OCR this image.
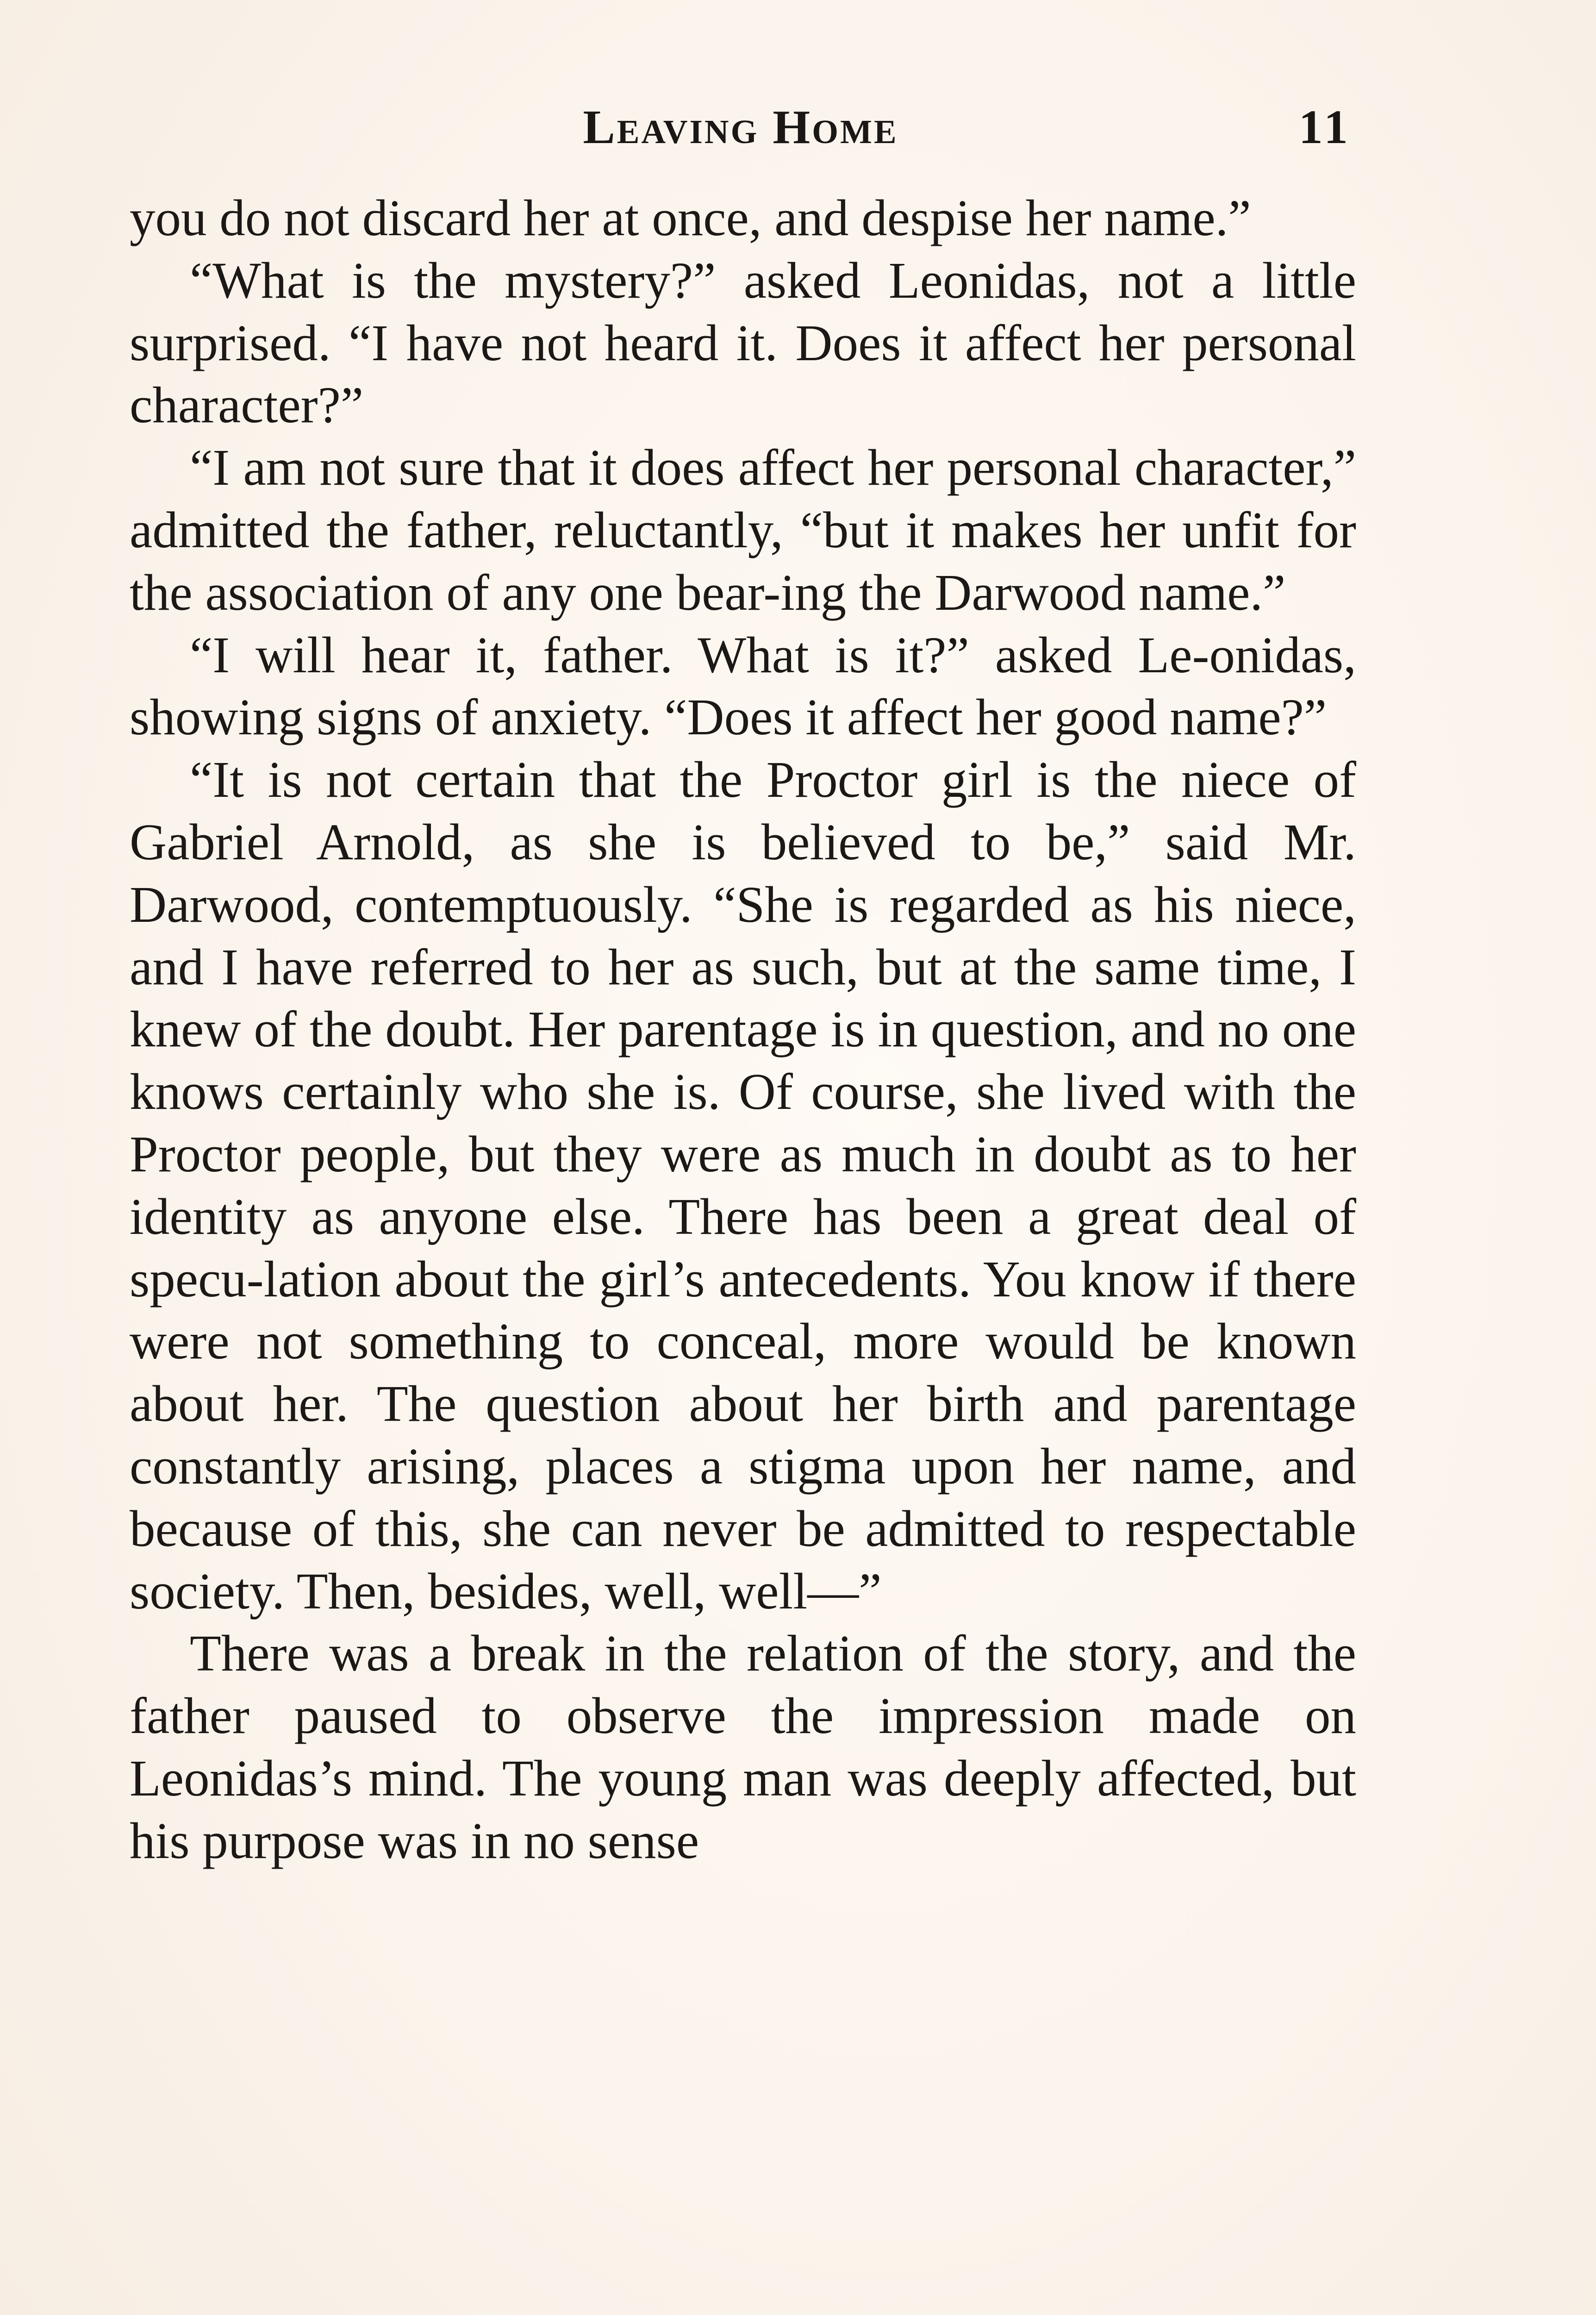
Leaving Home	11

you do not discard her at once, and despise her name.”

“What is the mystery?” asked Leonidas, not a little surprised. “I have not heard it. Does it affect her personal character?”

“I am not sure that it does affect her personal character,” admitted the father, reluctantly, “but it makes her unfit for the association of any one bear-ing the Darwood name.”

“I will hear it, father. What is it?” asked Le-onidas, showing signs of anxiety. “Does it affect her good name?”

“It is not certain that the Proctor girl is the niece of Gabriel Arnold, as she is believed to be,” said Mr. Darwood, contemptuously. “She is regarded as his niece, and I have referred to her as such, but at the same time, I knew of the doubt. Her parentage is in question, and no one knows certainly who she is. Of course, she lived with the Proctor people, but they were as much in doubt as to her identity as anyone else. There has been a great deal of specu-lation about the girl’s antecedents. You know if there were not something to conceal, more would be known about her. The question about her birth and parentage constantly arising, places a stigma upon her name, and because of this, she can never be admitted to respectable society. Then, besides, well, well—”

There was a break in the relation of the story, and the father paused to observe the impression made on Leonidas’s mind. The young man was deeply affected, but his purpose was in no sense
